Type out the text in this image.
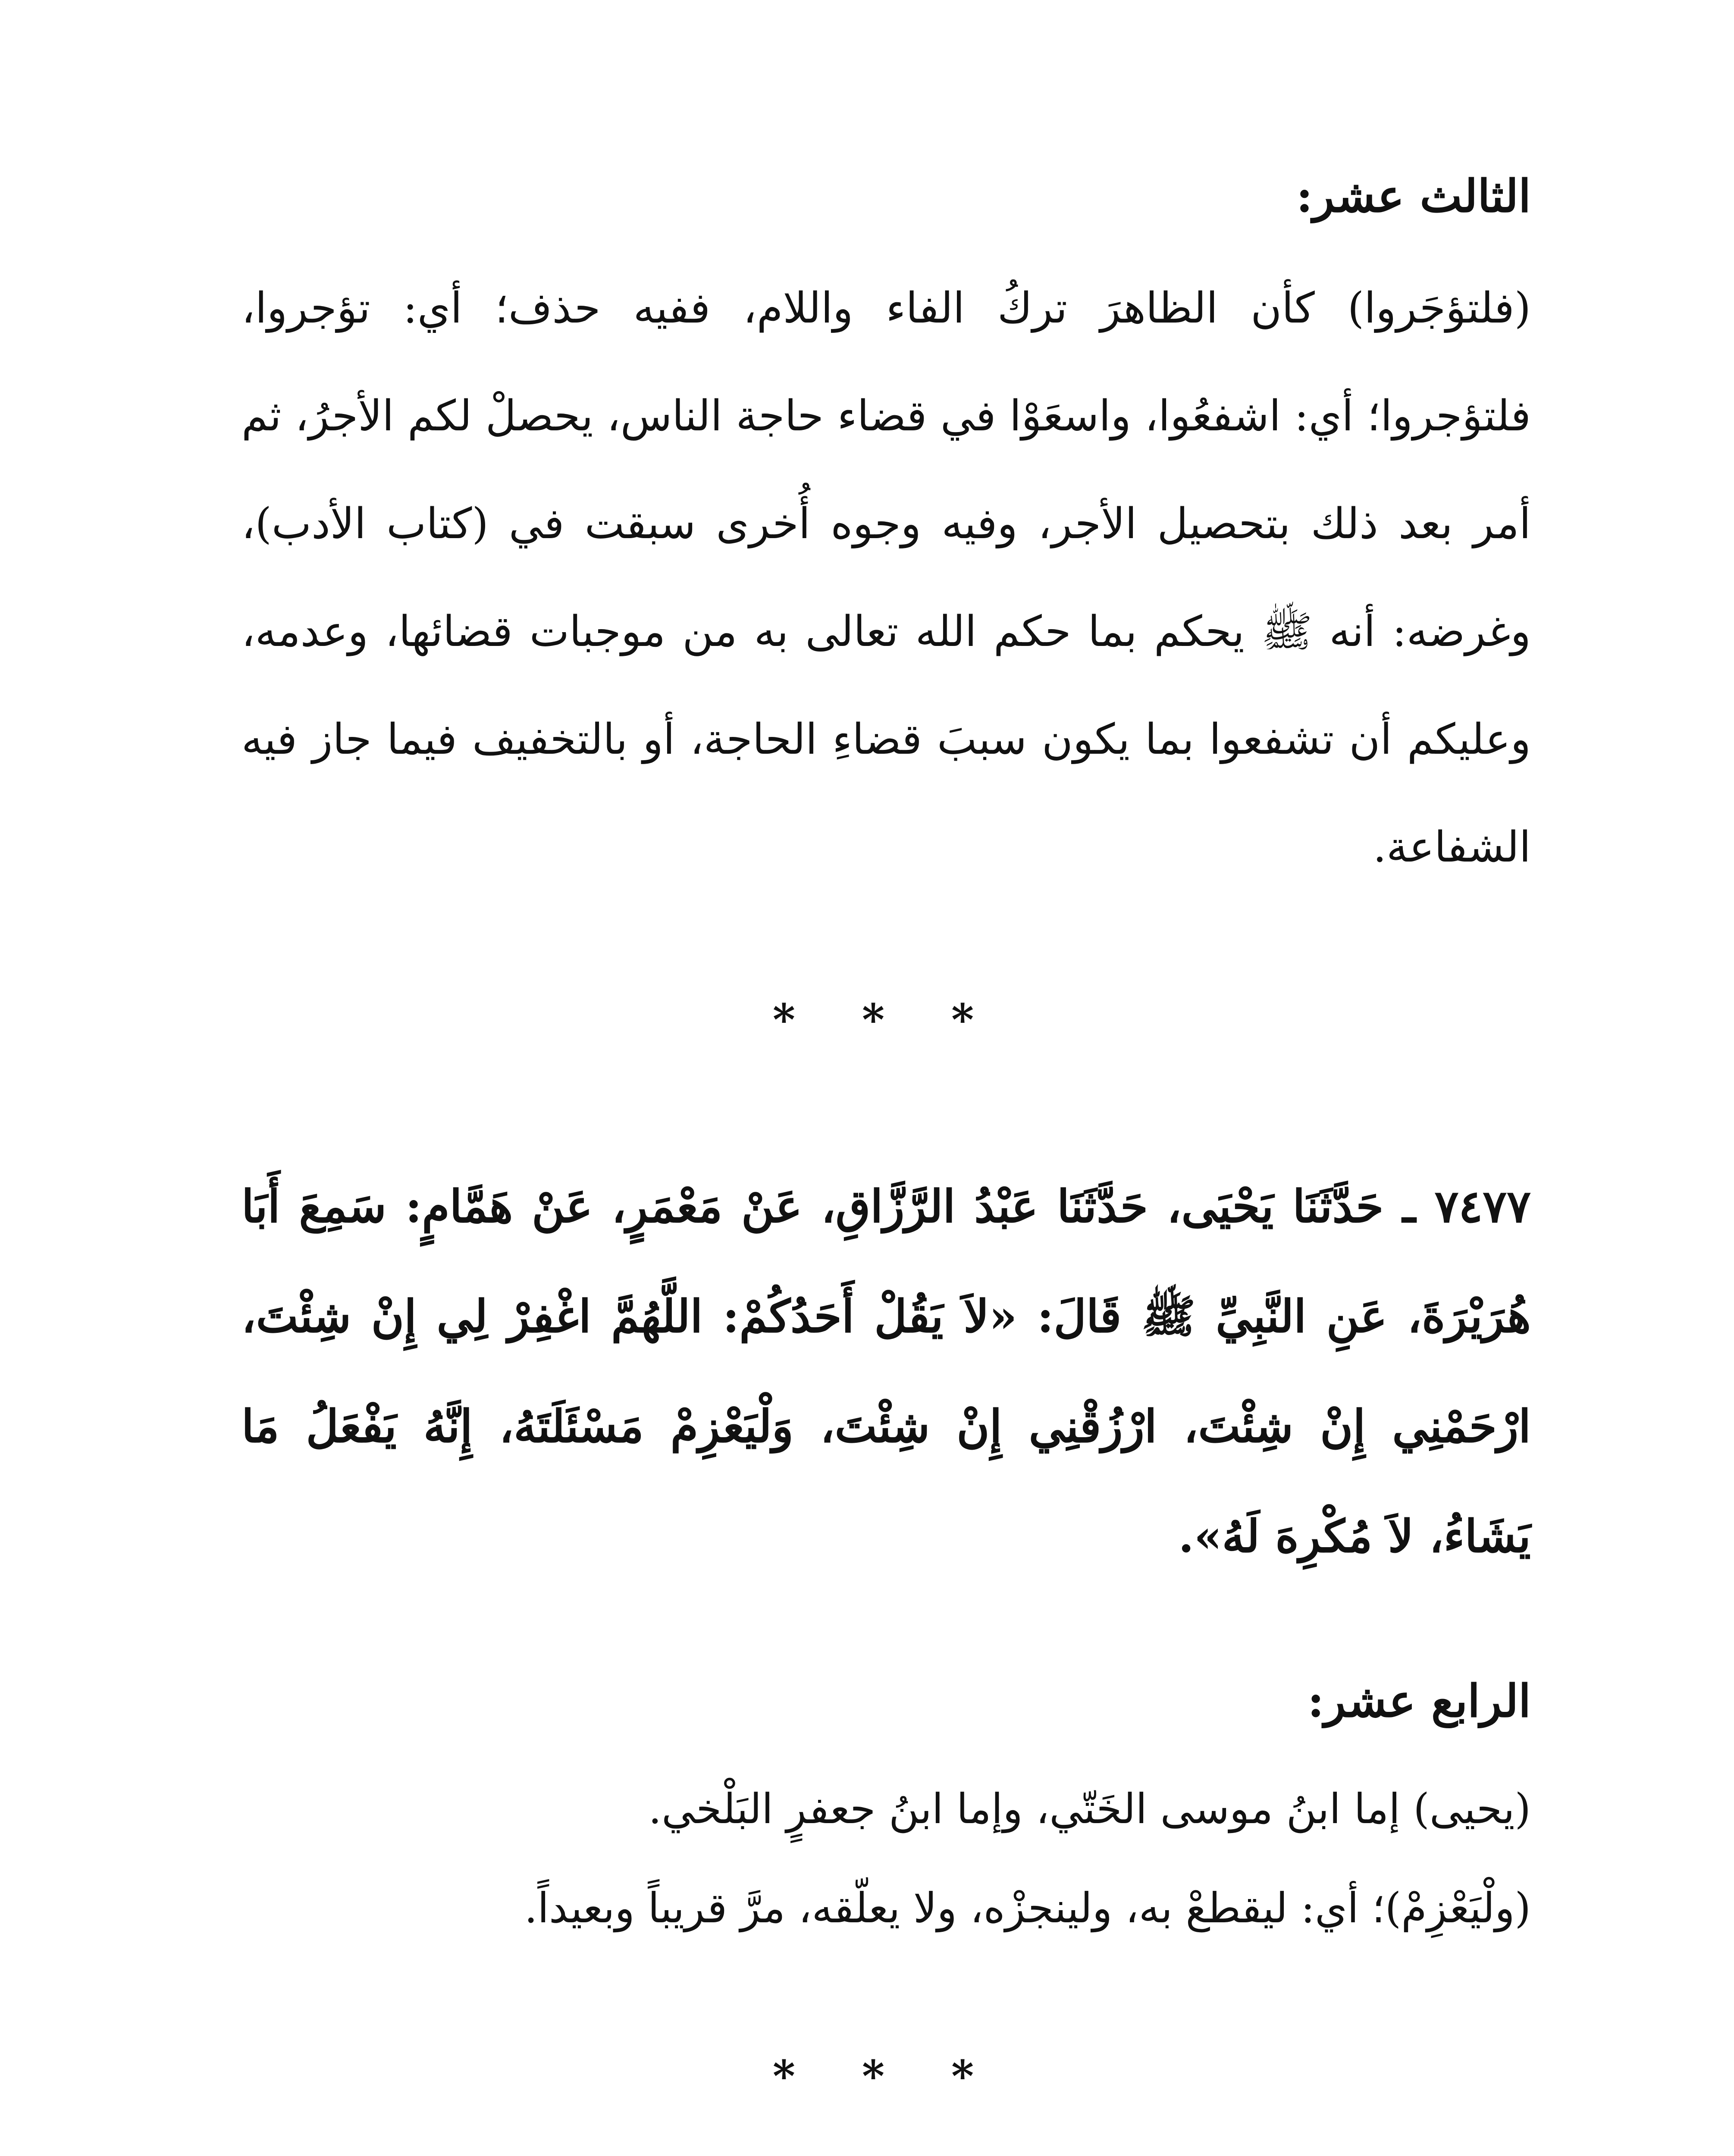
الثالث عشر:

(فلتؤجَروا) كأن الظاهرَ تركُ الفاء واللام، ففيه حذف؛ أي: تؤجروا، فلتؤجروا؛ أي: اشفعُوا، واسعَوْا في قضاء حاجة الناس، يحصلْ لكم الأجرُ، ثم أمر بعد ذلك بتحصيل الأجر، وفيه وجوه أُخرى سبقت في (كتاب الأدب)، وغرضه: أنه ﷺ يحكم بما حكم الله تعالى به من موجبات قضائها، وعدمه، وعليكم أن تشفعوا بما يكون سببَ قضاءِ الحاجة، أو بالتخفيف فيما جاز فيه الشفاعة.

* * *

٧٤٧٧ ـ حَدَّثَنَا يَحْيَى، حَدَّثَنَا عَبْدُ الرَّزَّاقِ، عَنْ مَعْمَرٍ، عَنْ هَمَّامٍ: سَمِعَ أَبَا هُرَيْرَةَ، عَنِ النَّبِيِّ ﷺ قَالَ: «لاَ يَقُلْ أَحَدُكُمْ: اللَّهُمَّ اغْفِرْ لِي إِنْ شِئْتَ، ارْحَمْنِي إِنْ شِئْتَ، ارْزُقْنِي إِنْ شِئْتَ، وَلْيَعْزِمْ مَسْئَلَتَهُ، إِنَّهُ يَفْعَلُ مَا يَشَاءُ، لاَ مُكْرِهَ لَهُ».

الرابع عشر:

(يحيى) إما ابنُ موسى الخَتّي، وإما ابنُ جعفرٍ البَلْخي.

(ولْيَعْزِمْ)؛ أي: ليقطعْ به، ولينجزْه، ولا يعلّقه، مرَّ قريباً وبعيداً.

* * *
